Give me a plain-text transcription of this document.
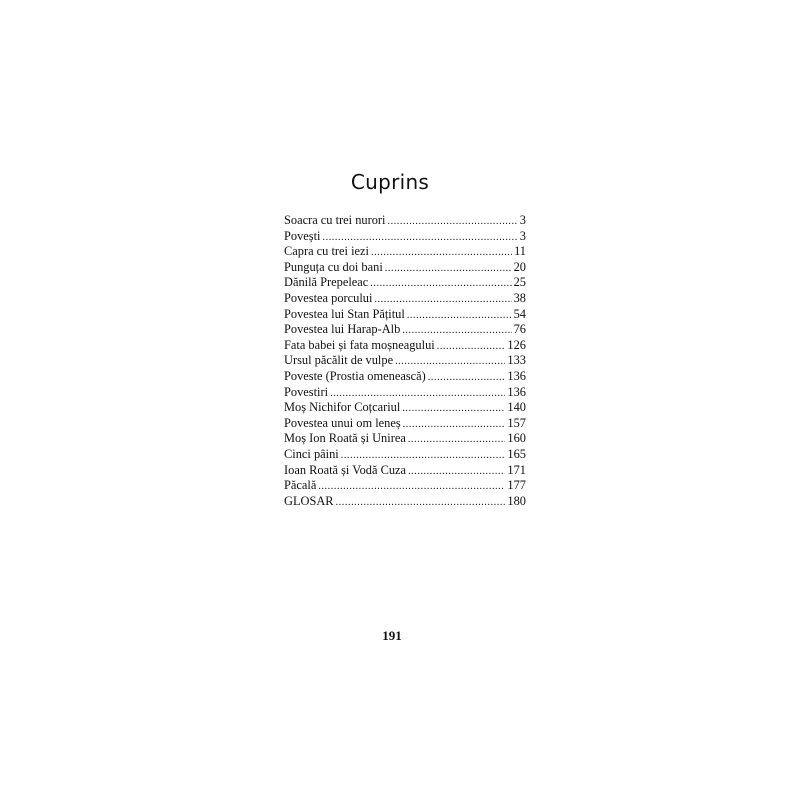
Cuprins
Soacra cu trei nurori .....	3
Povești .....	3
Capra cu trei iezi .....	11
Punguța cu doi bani .....	20
Dănilă Prepeleac .....	25
Povestea porcului .....	38
Povestea lui Stan Pățitul .....	54
Povestea lui Harap-Alb .....	76
Fata babei și fata moșneagului .....	126
Ursul păcălit de vulpe .....	133
Poveste (Prostia omenească) .....	136
Povestiri .....	136
Moș Nichifor Coțcariul .....	140
Povestea unui om leneș .....	157
Moș Ion Roată și Unirea .....	160
Cinci pâini .....	165
Ioan Roată și Vodă Cuza .....	171
Păcală .....	177
GLOSAR .....	180
191
